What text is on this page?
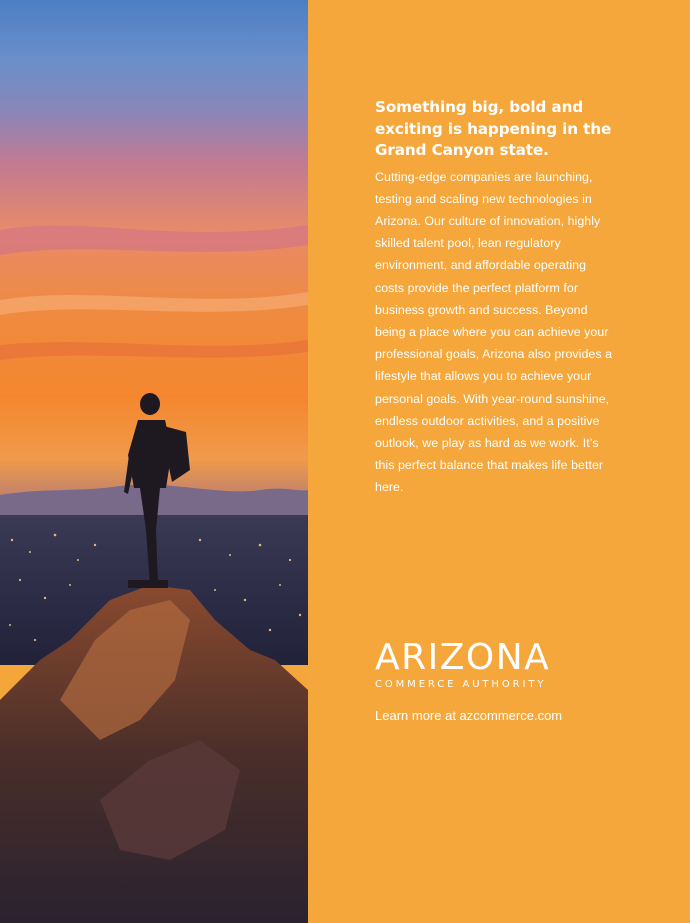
Something big, bold and exciting is happening in the Grand Canyon state.

Cutting-edge companies are launching, testing and scaling new technologies in Arizona. Our culture of innovation, highly skilled talent pool, lean regulatory environment, and affordable operating costs provide the perfect platform for business growth and success. Beyond being a place where you can achieve your professional goals, Arizona also provides a lifestyle that allows you to achieve your personal goals. With year-round sunshine, endless outdoor activities, and a positive outlook, we play as hard as we work. It’s this perfect balance that makes life better here.

ARIZONA
COMMERCE AUTHORITY
Learn more at azcommerce.com
